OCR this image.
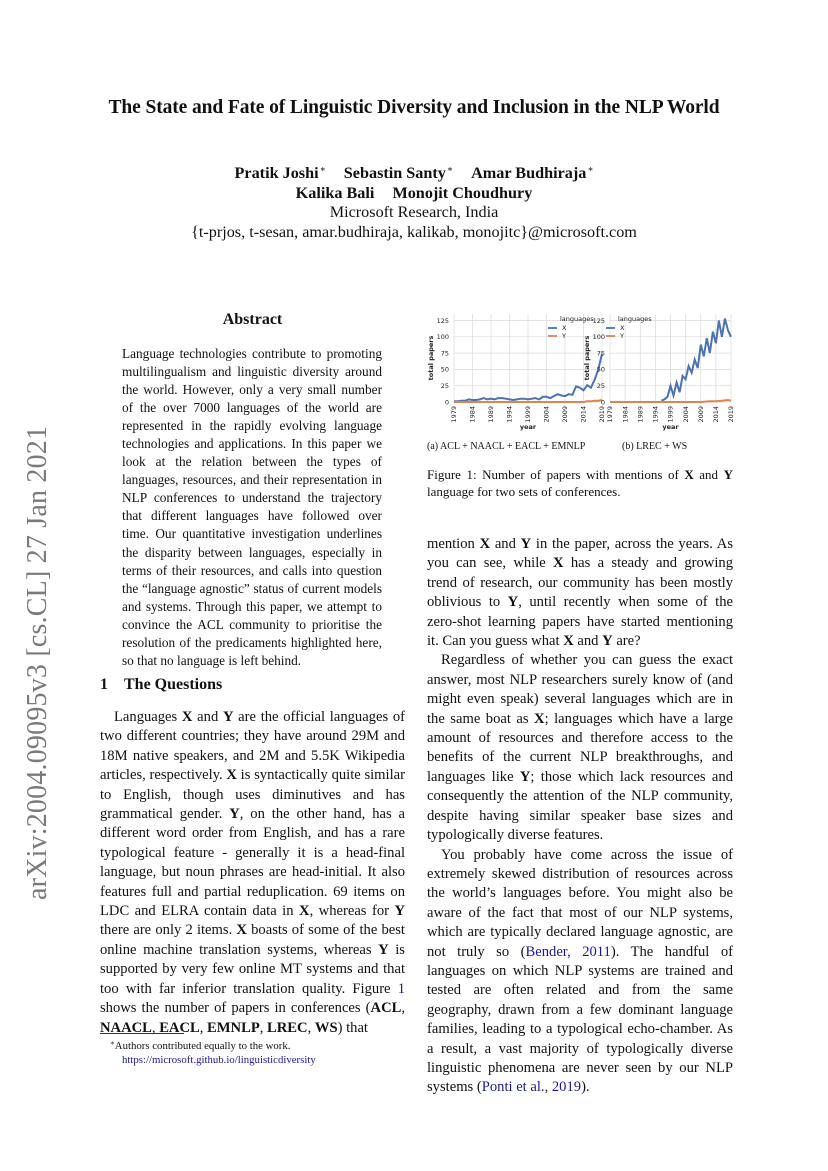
The State and Fate of Linguistic Diversity and Inclusion in the NLP World
Pratik Joshi∗ Sebastin Santy∗ Amar Budhiraja∗
Kalika Bali Monojit Choudhury
Microsoft Research, India
{t-prjos, t-sesan, amar.budhiraja, kalikab, monojitc}@microsoft.com
arXiv:2004.09095v3 [cs.CL] 27 Jan 2021
Abstract
Language technologies contribute to promoting multilingualism and linguistic diversity around the world. However, only a very small number of the over 7000 languages of the world are represented in the rapidly evolving language technologies and applications. In this paper we look at the relation between the types of languages, resources, and their representation in NLP conferences to understand the trajectory that different languages have followed over time. Our quantitative investigation underlines the disparity between languages, especially in terms of their resources, and calls into question the “language agnostic” status of current models and systems. Through this paper, we attempt to convince the ACL community to prioritise the resolution of the predicaments highlighted here, so that no language is left behind.
1 The Questions

Languages X and Y are the official languages of two different countries; they have around 29M and 18M native speakers, and 2M and 5.5K Wikipedia articles, respectively. X is syntactically quite similar to English, though uses diminutives and has grammatical gender. Y, on the other hand, has a different word order from English, and has a rare typological feature - generally it is a head-final language, but noun phrases are head-initial. It also features full and partial reduplication. 69 items on LDC and ELRA contain data in X, whereas for Y there are only 2 items. X boasts of some of the best online machine translation systems, whereas Y is supported by very few online MT systems and that too with far inferior translation quality. Figure 1 shows the number of papers in conferences (ACL, NAACL, EACL, EMNLP, LREC, WS) that

∗Authors contributed equally to the work.
https://microsoft.github.io/linguisticdiversity
0
25
50
75
100
125
1979 1984 1989 1994 1999 2004 2009 2014 2019
total papers
year
languages
X
Y
0
25
50
75
100
125
1979 1984 1989 1994 1999 2004 2009 2014 2019
total papers
year
languages
X
Y
(a) ACL + NAACL + EACL + EMNLP	(b) LREC + WS
Figure 1: Number of papers with mentions of X and Y language for two sets of conferences.

mention X and Y in the paper, across the years. As you can see, while X has a steady and growing trend of research, our community has been mostly oblivious to Y, until recently when some of the zero-shot learning papers have started mentioning it. Can you guess what X and Y are?

Regardless of whether you can guess the exact answer, most NLP researchers surely know of (and might even speak) several languages which are in the same boat as X; languages which have a large amount of resources and therefore access to the benefits of the current NLP breakthroughs, and languages like Y; those which lack resources and consequently the attention of the NLP community, despite having similar speaker base sizes and typologically diverse features.

You probably have come across the issue of extremely skewed distribution of resources across the world’s languages before. You might also be aware of the fact that most of our NLP systems, which are typically declared language agnostic, are not truly so (Bender, 2011). The handful of languages on which NLP systems are trained and tested are often related and from the same geography, drawn from a few dominant language families, leading to a typological echo-chamber. As a result, a vast majority of typologically diverse linguistic phenomena are never seen by our NLP systems (Ponti et al., 2019).
